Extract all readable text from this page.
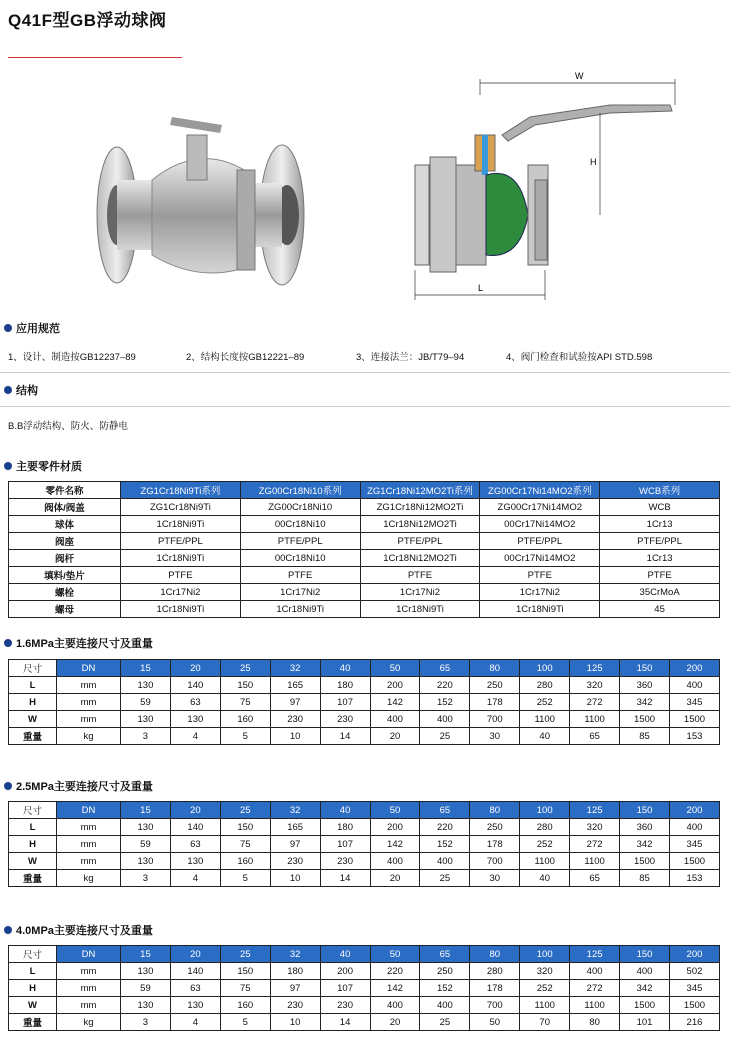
Q41F型GB浮动球阀
W
H
L
应用规范
1、设计、制造按GB12237–89	2、结构长度按GB12221–89	3、连接法兰：JB/T79–94	4、阀门检查和试验按API STD.598
结构
B.B浮动结构、防火、防静电
主要零件材质
零件名称	ZG1Cr18Ni9Ti系列	ZG00Cr18Ni10系列	ZG1Cr18Ni12MO2Ti系列	ZG00Cr17Ni14MO2系列	WCB系列
阀体/阀盖	ZG1Cr18Ni9Ti	ZG00Cr18Ni10	ZG1Cr18Ni12MO2Ti	ZG00Cr17Ni14MO2	WCB
球体	1Cr18Ni9Ti	00Cr18Ni10	1Cr18Ni12MO2Ti	00Cr17Ni14MO2	1Cr13
阀座	PTFE/PPL	PTFE/PPL	PTFE/PPL	PTFE/PPL	PTFE/PPL
阀杆	1Cr18Ni9Ti	00Cr18Ni10	1Cr18Ni12MO2Ti	00Cr17Ni14MO2	1Cr13
填料/垫片	PTFE	PTFE	PTFE	PTFE	PTFE
螺栓	1Cr17Ni2	1Cr17Ni2	1Cr17Ni2	1Cr17Ni2	35CrMoA
螺母	1Cr18Ni9Ti	1Cr18Ni9Ti	1Cr18Ni9Ti	1Cr18Ni9Ti	45
1.6MPa主要连接尺寸及重量
尺寸	DN	15	20	25	32	40	50	65	80	100	125	150	200
L	mm	130	140	150	165	180	200	220	250	280	320	360	400
H	mm	59	63	75	97	107	142	152	178	252	272	342	345
W	mm	130	130	160	230	230	400	400	700	1100	1100	1500	1500
重量	kg	3	4	5	10	14	20	25	30	40	65	85	153
2.5MPa主要连接尺寸及重量
尺寸	DN	15	20	25	32	40	50	65	80	100	125	150	200
L	mm	130	140	150	165	180	200	220	250	280	320	360	400
H	mm	59	63	75	97	107	142	152	178	252	272	342	345
W	mm	130	130	160	230	230	400	400	700	1100	1100	1500	1500
重量	kg	3	4	5	10	14	20	25	30	40	65	85	153
4.0MPa主要连接尺寸及重量
尺寸	DN	15	20	25	32	40	50	65	80	100	125	150	200
L	mm	130	140	150	180	200	220	250	280	320	400	400	502
H	mm	59	63	75	97	107	142	152	178	252	272	342	345
W	mm	130	130	160	230	230	400	400	700	1100	1100	1500	1500
重量	kg	3	4	5	10	14	20	25	50	70	80	101	216
